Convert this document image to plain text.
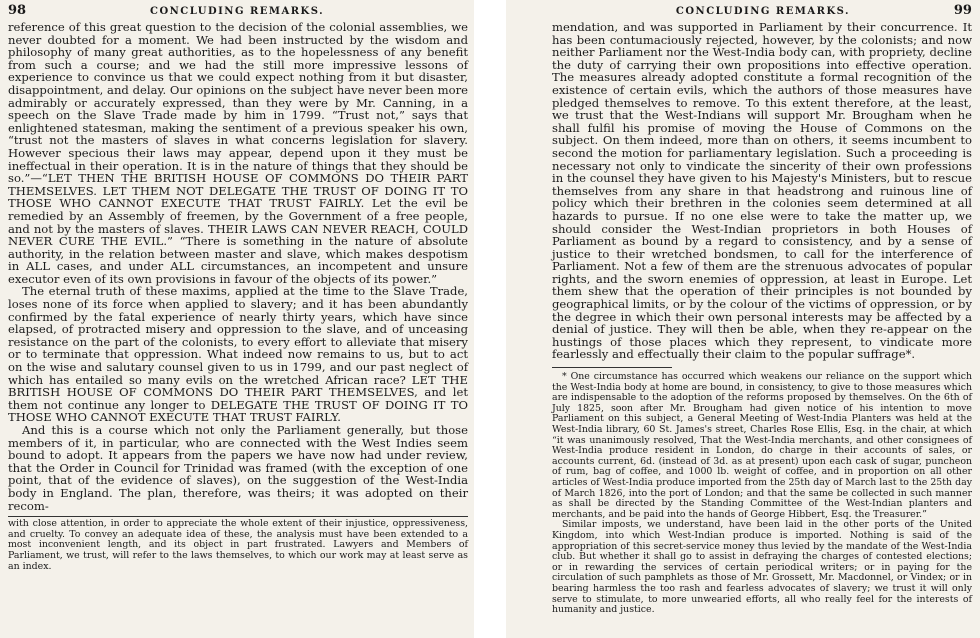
98	CONCLUDING REMARKS.

reference of this great question to the decision of the colonial assemblies, we never doubted for a moment. We had been instructed by the wisdom and philosophy of many great authorities, as to the hopelessness of any benefit from such a course; and we had the still more impressive lessons of experience to convince us that we could expect nothing from it but disaster, disappointment, and delay. Our opinions on the subject have never been more admirably or accurately expressed, than they were by Mr. Canning, in a speech on the Slave Trade made by him in 1799. “Trust not,” says that enlightened statesman, making the sentiment of a previous speaker his own, “trust not the masters of slaves in what concerns legislation for slavery. However specious their laws may appear, depend upon it they must be ineffectual in their operation. It is in the nature of things that they should be so.”—“LET THEN THE BRITISH HOUSE OF COMMONS DO THEIR PART THEMSELVES. LET THEM NOT DELEGATE THE TRUST OF DOING IT TO THOSE WHO CANNOT EXECUTE THAT TRUST FAIRLY. Let the evil be remedied by an Assembly of freemen, by the Government of a free people, and not by the masters of slaves. THEIR LAWS CAN NEVER REACH, COULD NEVER CURE THE EVIL.” “There is something in the nature of absolute authority, in the relation between master and slave, which makes despotism in ALL cases, and under ALL circumstances, an incompetent and unsure executor even of its own provisions in favour of the objects of its power.”

The eternal truth of these maxims, applied at the time to the Slave Trade, loses none of its force when applied to slavery; and it has been abundantly confirmed by the fatal experience of nearly thirty years, which have since elapsed, of protracted misery and oppression to the slave, and of unceasing resistance on the part of the colonists, to every effort to alleviate that misery or to terminate that oppression. What indeed now remains to us, but to act on the wise and salutary counsel given to us in 1799, and our past neglect of which has entailed so many evils on the wretched African race? LET THE BRITISH HOUSE OF COMMONS DO THEIR PART THEMSELVES, and let them not continue any longer to DELEGATE THE TRUST OF DOING IT TO THOSE WHO CANNOT EXECUTE THAT TRUST FAIRLY.

And this is a course which not only the Parliament generally, but those members of it, in particular, who are connected with the West Indies seem bound to adopt. It appears from the papers we have now had under review, that the Order in Council for Trinidad was framed (with the exception of one point, that of the evidence of slaves), on the suggestion of the West-India body in England. The plan, therefore, was theirs; it was adopted on their recom-

with close attention, in order to appreciate the whole extent of their injustice, oppressiveness, and cruelty. To convey an adequate idea of these, the analysis must have been extended to a most inconvenient length, and its object in part frustrated. Lawyers and Members of Parliament, we trust, will refer to the laws themselves, to which our work may at least serve as an index.

CONCLUDING REMARKS.	99

mendation, and was supported in Parliament by their concurrence. It has been contumaciously rejected, however, by the colonists; and now neither Parliament nor the West-India body can, with propriety, decline the duty of carrying their own propositions into effective operation. The measures already adopted constitute a formal recognition of the existence of certain evils, which the authors of those measures have pledged themselves to remove. To this extent therefore, at the least, we trust that the West-Indians will support Mr. Brougham when he shall fulfil his promise of moving the House of Commons on the subject. On them indeed, more than on others, it seems incumbent to second the motion for parliamentary legislation. Such a proceeding is necessary not only to vindicate the sincerity of their own professions in the counsel they have given to his Majesty's Ministers, but to rescue themselves from any share in that headstrong and ruinous line of policy which their brethren in the colonies seem determined at all hazards to pursue. If no one else were to take the matter up, we should consider the West-Indian proprietors in both Houses of Parliament as bound by a regard to consistency, and by a sense of justice to their wretched bondsmen, to call for the interference of Parliament. Not a few of them are the strenuous advocates of popular rights, and the sworn enemies of oppression, at least in Europe. Let them shew that the operation of their principles is not bounded by geographical limits, or by the colour of the victims of oppression, or by the degree in which their own personal interests may be affected by a denial of justice. They will then be able, when they re-appear on the hustings of those places which they represent, to vindicate more fearlessly and effectually their claim to the popular suffrage*.

* One circumstance has occurred which weakens our reliance on the support which the West-India body at home are bound, in consistency, to give to those measures which are indispensable to the adoption of the reforms proposed by themselves. On the 6th of July 1825, soon after Mr. Brougham had given notice of his intention to move Parliament on this subject, a General Meeting of West-India Planters was held at the West-India library, 60 St. James's street, Charles Rose Ellis, Esq. in the chair, at which “it was unanimously resolved, That the West-India merchants, and other consignees of West-India produce resident in London, do charge in their accounts of sales, or accounts current, 6d. (instead of 3d. as at present) upon each cask of sugar, puncheon of rum, bag of coffee, and 1000 lb. weight of coffee, and in proportion on all other articles of West-India produce imported from the 25th day of March last to the 25th day of March 1826, into the port of London; and that the same be collected in such manner as shall be directed by the Standing Committee of the West-Indian planters and merchants, and be paid into the hands of George Hibbert, Esq. the Treasurer.”

Similar imposts, we understand, have been laid in the other ports of the United Kingdom, into which West-Indian produce is imported. Nothing is said of the appropriation of this secret-service money thus levied by the mandate of the West-India club. But whether it shall go to assist in defraying the charges of contested elections; or in rewarding the services of certain periodical writers; or in paying for the circulation of such pamphlets as those of Mr. Grossett, Mr. Macdonnel, or Vindex; or in bearing harmless the too rash and fearless advocates of slavery; we trust it will only serve to stimulate, to more unwearied efforts, all who really feel for the interests of humanity and justice.
